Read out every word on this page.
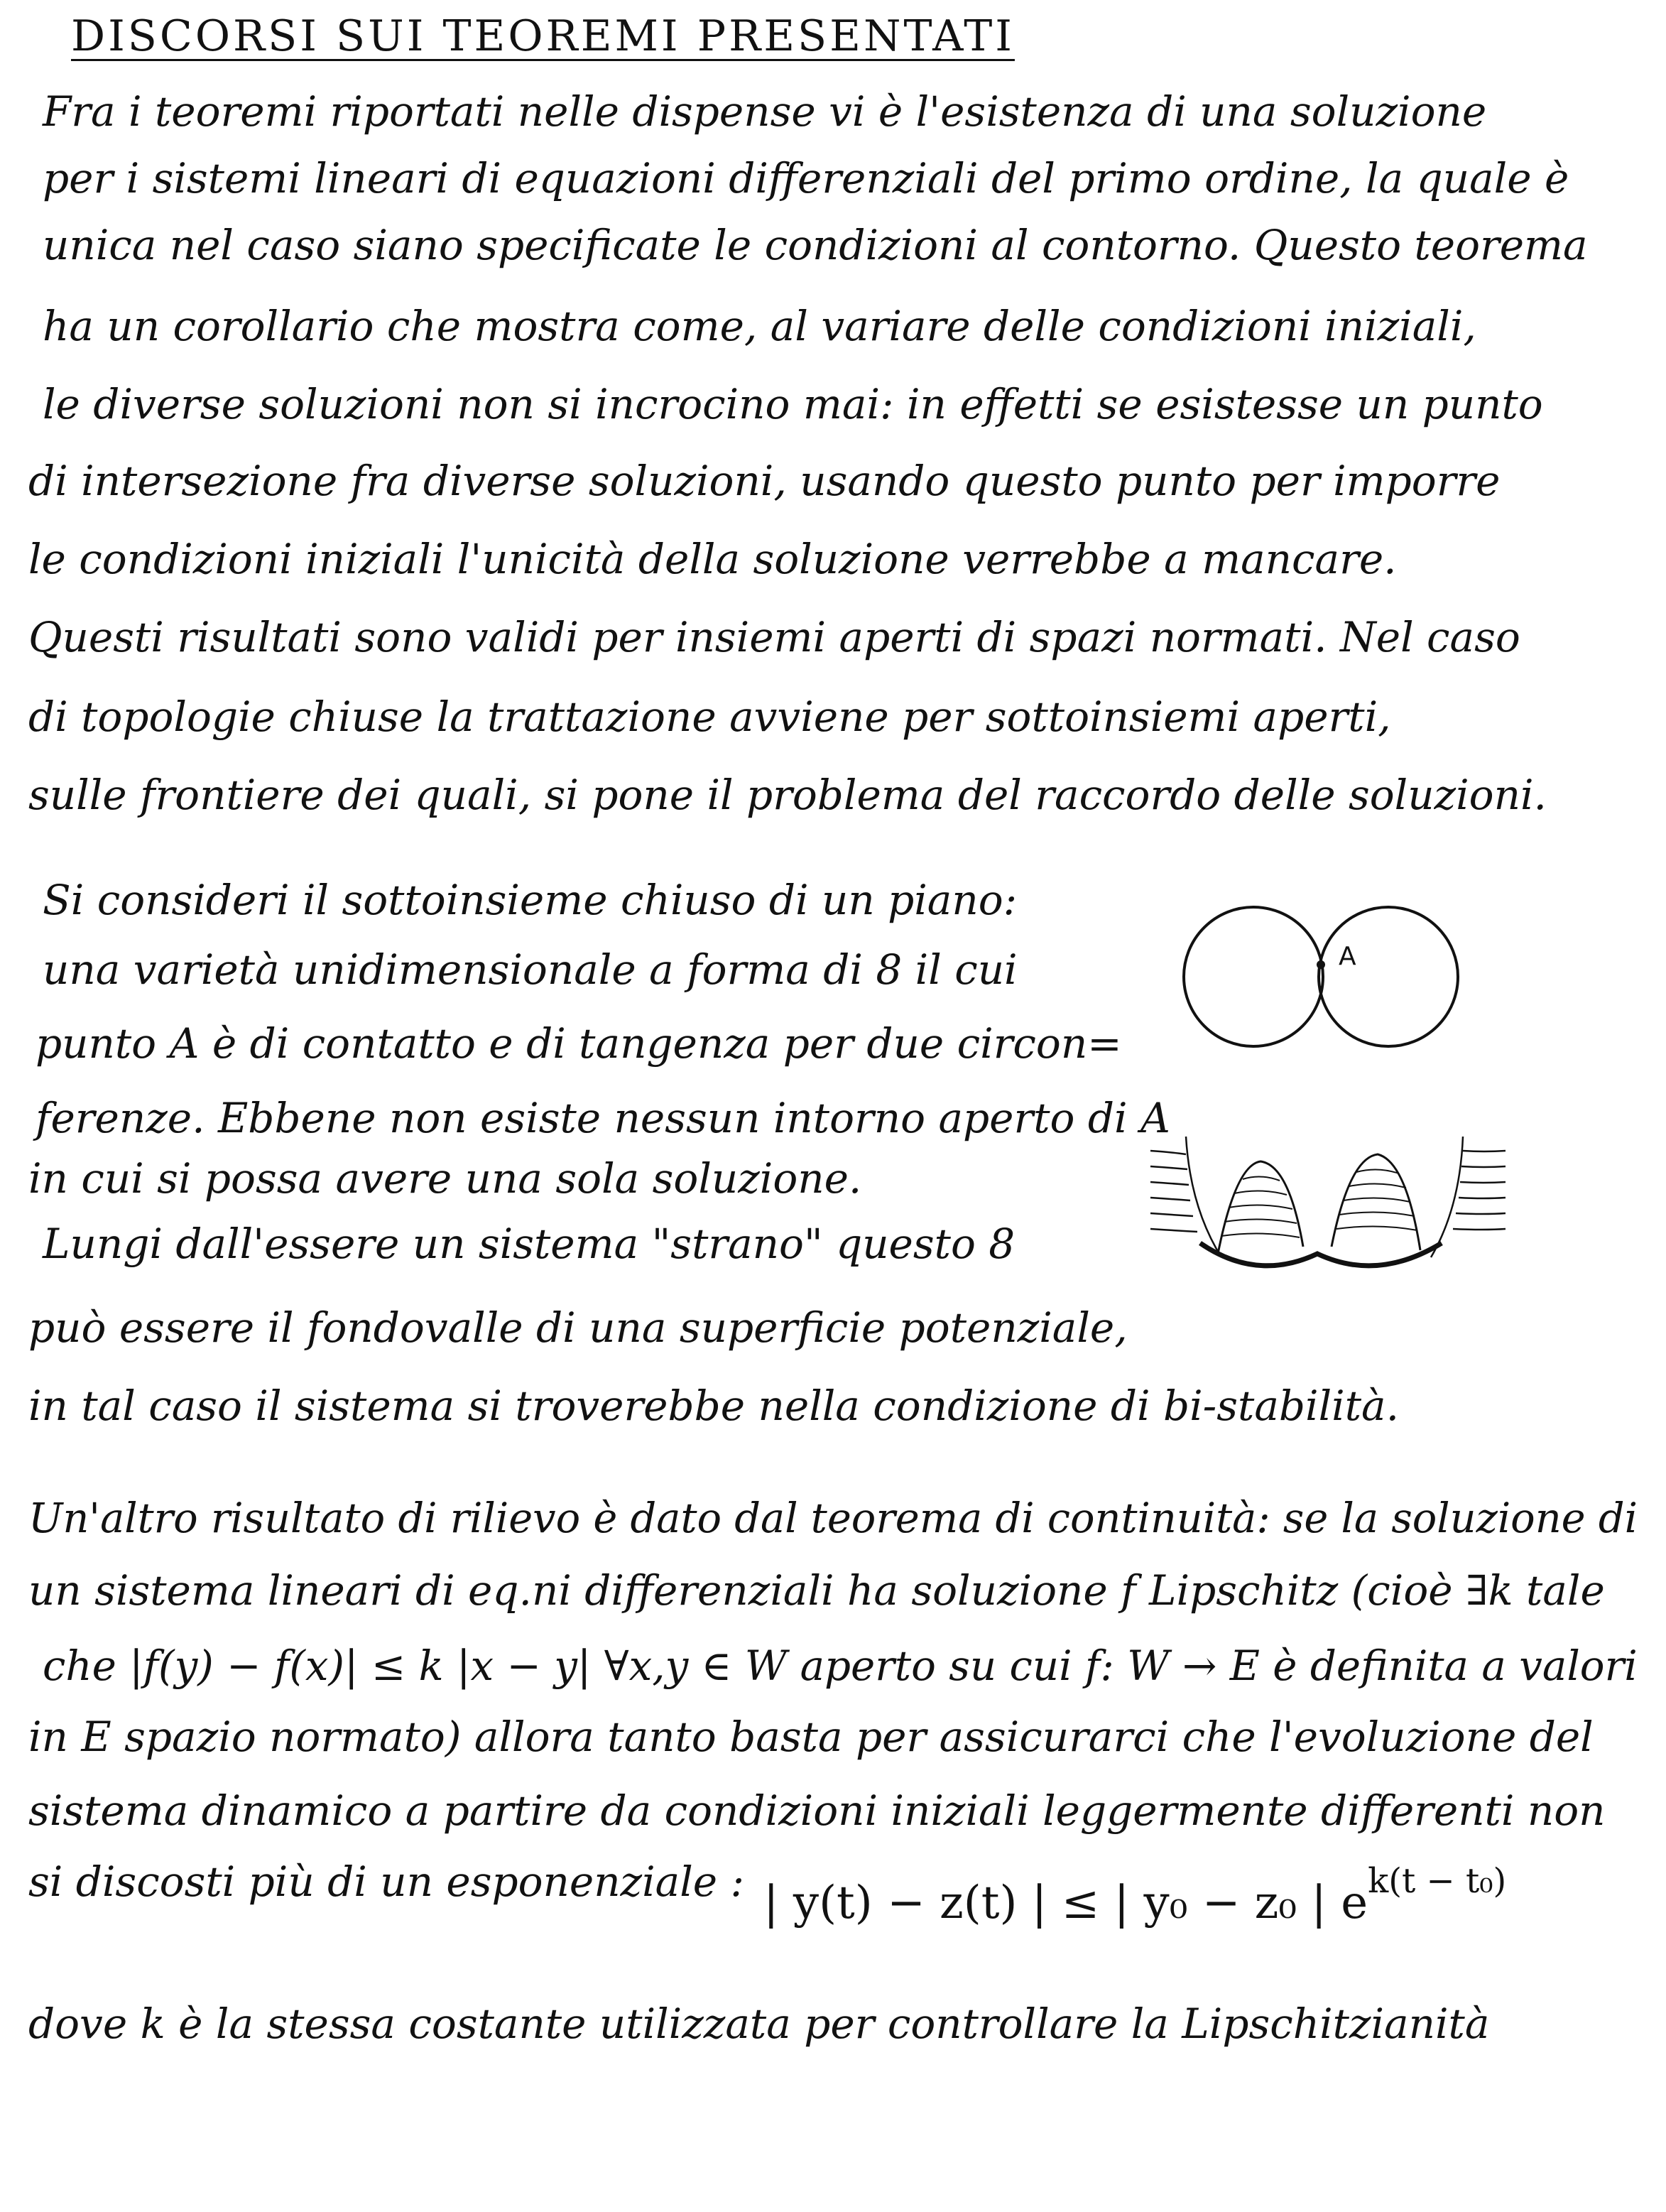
DISCORSI SUI TEOREMI PRESENTATI
Fra i teoremi riportati nelle dispense vi è l'esistenza di una soluzione
per i sistemi lineari di equazioni differenziali del primo ordine, la quale è
unica nel caso siano specificate le condizioni al contorno. Questo teorema
ha un corollario che mostra come, al variare delle condizioni iniziali,
le diverse soluzioni non si incrocino mai: in effetti se esistesse un punto
di intersezione fra diverse soluzioni, usando questo punto per imporre
le condizioni iniziali l'unicità della soluzione verrebbe a mancare.
Questi risultati sono validi per insiemi aperti di spazi normati. Nel caso
di topologie chiuse la trattazione avviene per sottoinsiemi aperti,
sulle frontiere dei quali, si pone il problema del raccordo delle soluzioni.
Si consideri il sottoinsieme chiuso di un piano:
una varietà unidimensionale a forma di 8 il cui
punto A è di contatto e di tangenza per due circon=
ferenze. Ebbene non esiste nessun intorno aperto di A
in cui si possa avere una sola soluzione.
Lungi dall'essere un sistema "strano" questo 8
può essere il fondovalle di una superficie potenziale,
in tal caso il sistema si troverebbe nella condizione di bi-stabilità.
A
Un'altro risultato di rilievo è dato dal teorema di continuità: se la soluzione di
un sistema lineari di eq.ni differenziali ha soluzione f Lipschitz (cioè ∃k tale
che |f(y) − f(x)| ≤ k |x − y| ∀x,y ∈ W aperto su cui f: W → E è definita a valori
in E spazio normato) allora tanto basta per assicurarci che l'evoluzione del
sistema dinamico a partire da condizioni iniziali leggermente differenti non
si discosti più di un esponenziale : | y(t) − z(t) | ≤ | y₀ − z₀ | $e^{k(t - t_0)}$
dove k è la stessa costante utilizzata per controllare la Lipschitzianità
